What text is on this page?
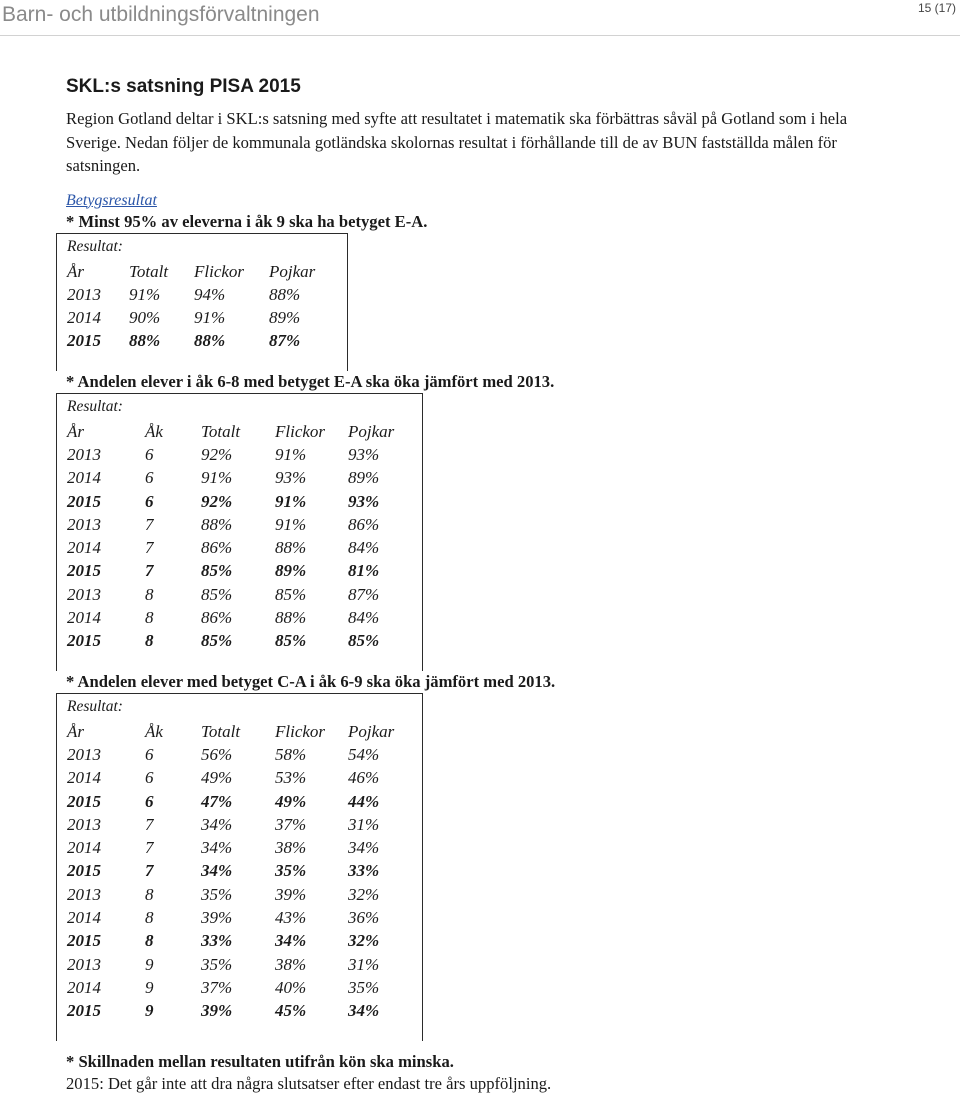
Barn- och utbildningsförvaltningen	15 (17)
SKL:s satsning PISA 2015

Region Gotland deltar i SKL:s satsning med syfte att resultatet i matematik ska förbättras såväl på Gotland som i hela Sverige. Nedan följer de kommunala gotländska skolornas resultat i förhållande till de av BUN fastställda målen för satsningen.

Betygsresultat
* Minst 95% av eleverna i åk 9 ska ha betyget E-A.
Resultat:
År	Totalt	Flickor	Pojkar
2013	91%	94%	88%
2014	90%	91%	89%
2015	88%	88%	87%
* Andelen elever i åk 6-8 med betyget E-A ska öka jämfört med 2013.
Resultat:
År	Åk	Totalt	Flickor	Pojkar
2013	6	92%	91%	93%
2014	6	91%	93%	89%
2015	6	92%	91%	93%
2013	7	88%	91%	86%
2014	7	86%	88%	84%
2015	7	85%	89%	81%
2013	8	85%	85%	87%
2014	8	86%	88%	84%
2015	8	85%	85%	85%
* Andelen elever med betyget C-A i åk 6-9 ska öka jämfört med 2013.
Resultat:
År	Åk	Totalt	Flickor	Pojkar
2013	6	56%	58%	54%
2014	6	49%	53%	46%
2015	6	47%	49%	44%
2013	7	34%	37%	31%
2014	7	34%	38%	34%
2015	7	34%	35%	33%
2013	8	35%	39%	32%
2014	8	39%	43%	36%
2015	8	33%	34%	32%
2013	9	35%	38%	31%
2014	9	37%	40%	35%
2015	9	39%	45%	34%
* Skillnaden mellan resultaten utifrån kön ska minska.
2015: Det går inte att dra några slutsatser efter endast tre års uppföljning.
